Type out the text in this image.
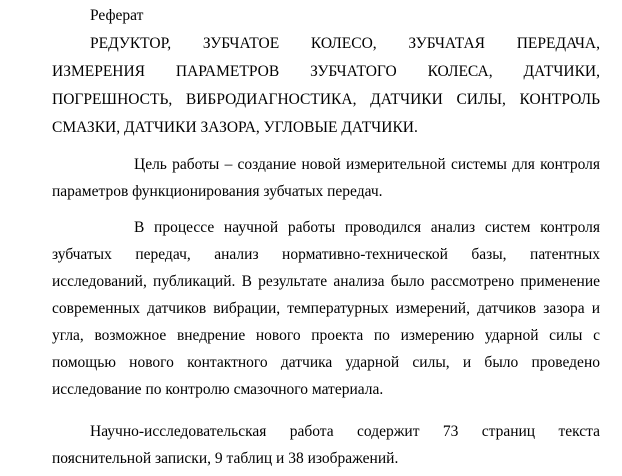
Реферат
РЕДУКТОР, ЗУБЧАТОЕ КОЛЕСО, ЗУБЧАТАЯ ПЕРЕДАЧА,
ИЗМЕРЕНИЯ ПАРАМЕТРОВ ЗУБЧАТОГО КОЛЕСА, ДАТЧИКИ,
ПОГРЕШНОСТЬ, ВИБРОДИАГНОСТИКА, ДАТЧИКИ СИЛЫ, КОНТРОЛЬ
СМАЗКИ, ДАТЧИКИ ЗАЗОРА, УГЛОВЫЕ ДАТЧИКИ.
Цель работы – создание новой измерительной системы для контроля
параметров функционирования зубчатых передач.
В процессе научной работы проводился анализ систем контроля
зубчатых передач, анализ нормативно-технической базы, патентных
исследований, публикаций. В результате анализа было рассмотрено применение
современных датчиков вибрации, температурных измерений, датчиков зазора и
угла, возможное внедрение нового проекта по измерению ударной силы с
помощью нового контактного датчика ударной силы, и было проведено
исследование по контролю смазочного материала.
Научно-исследовательская работа содержит 73 страниц текста
пояснительной записки, 9 таблиц и 38 изображений.
